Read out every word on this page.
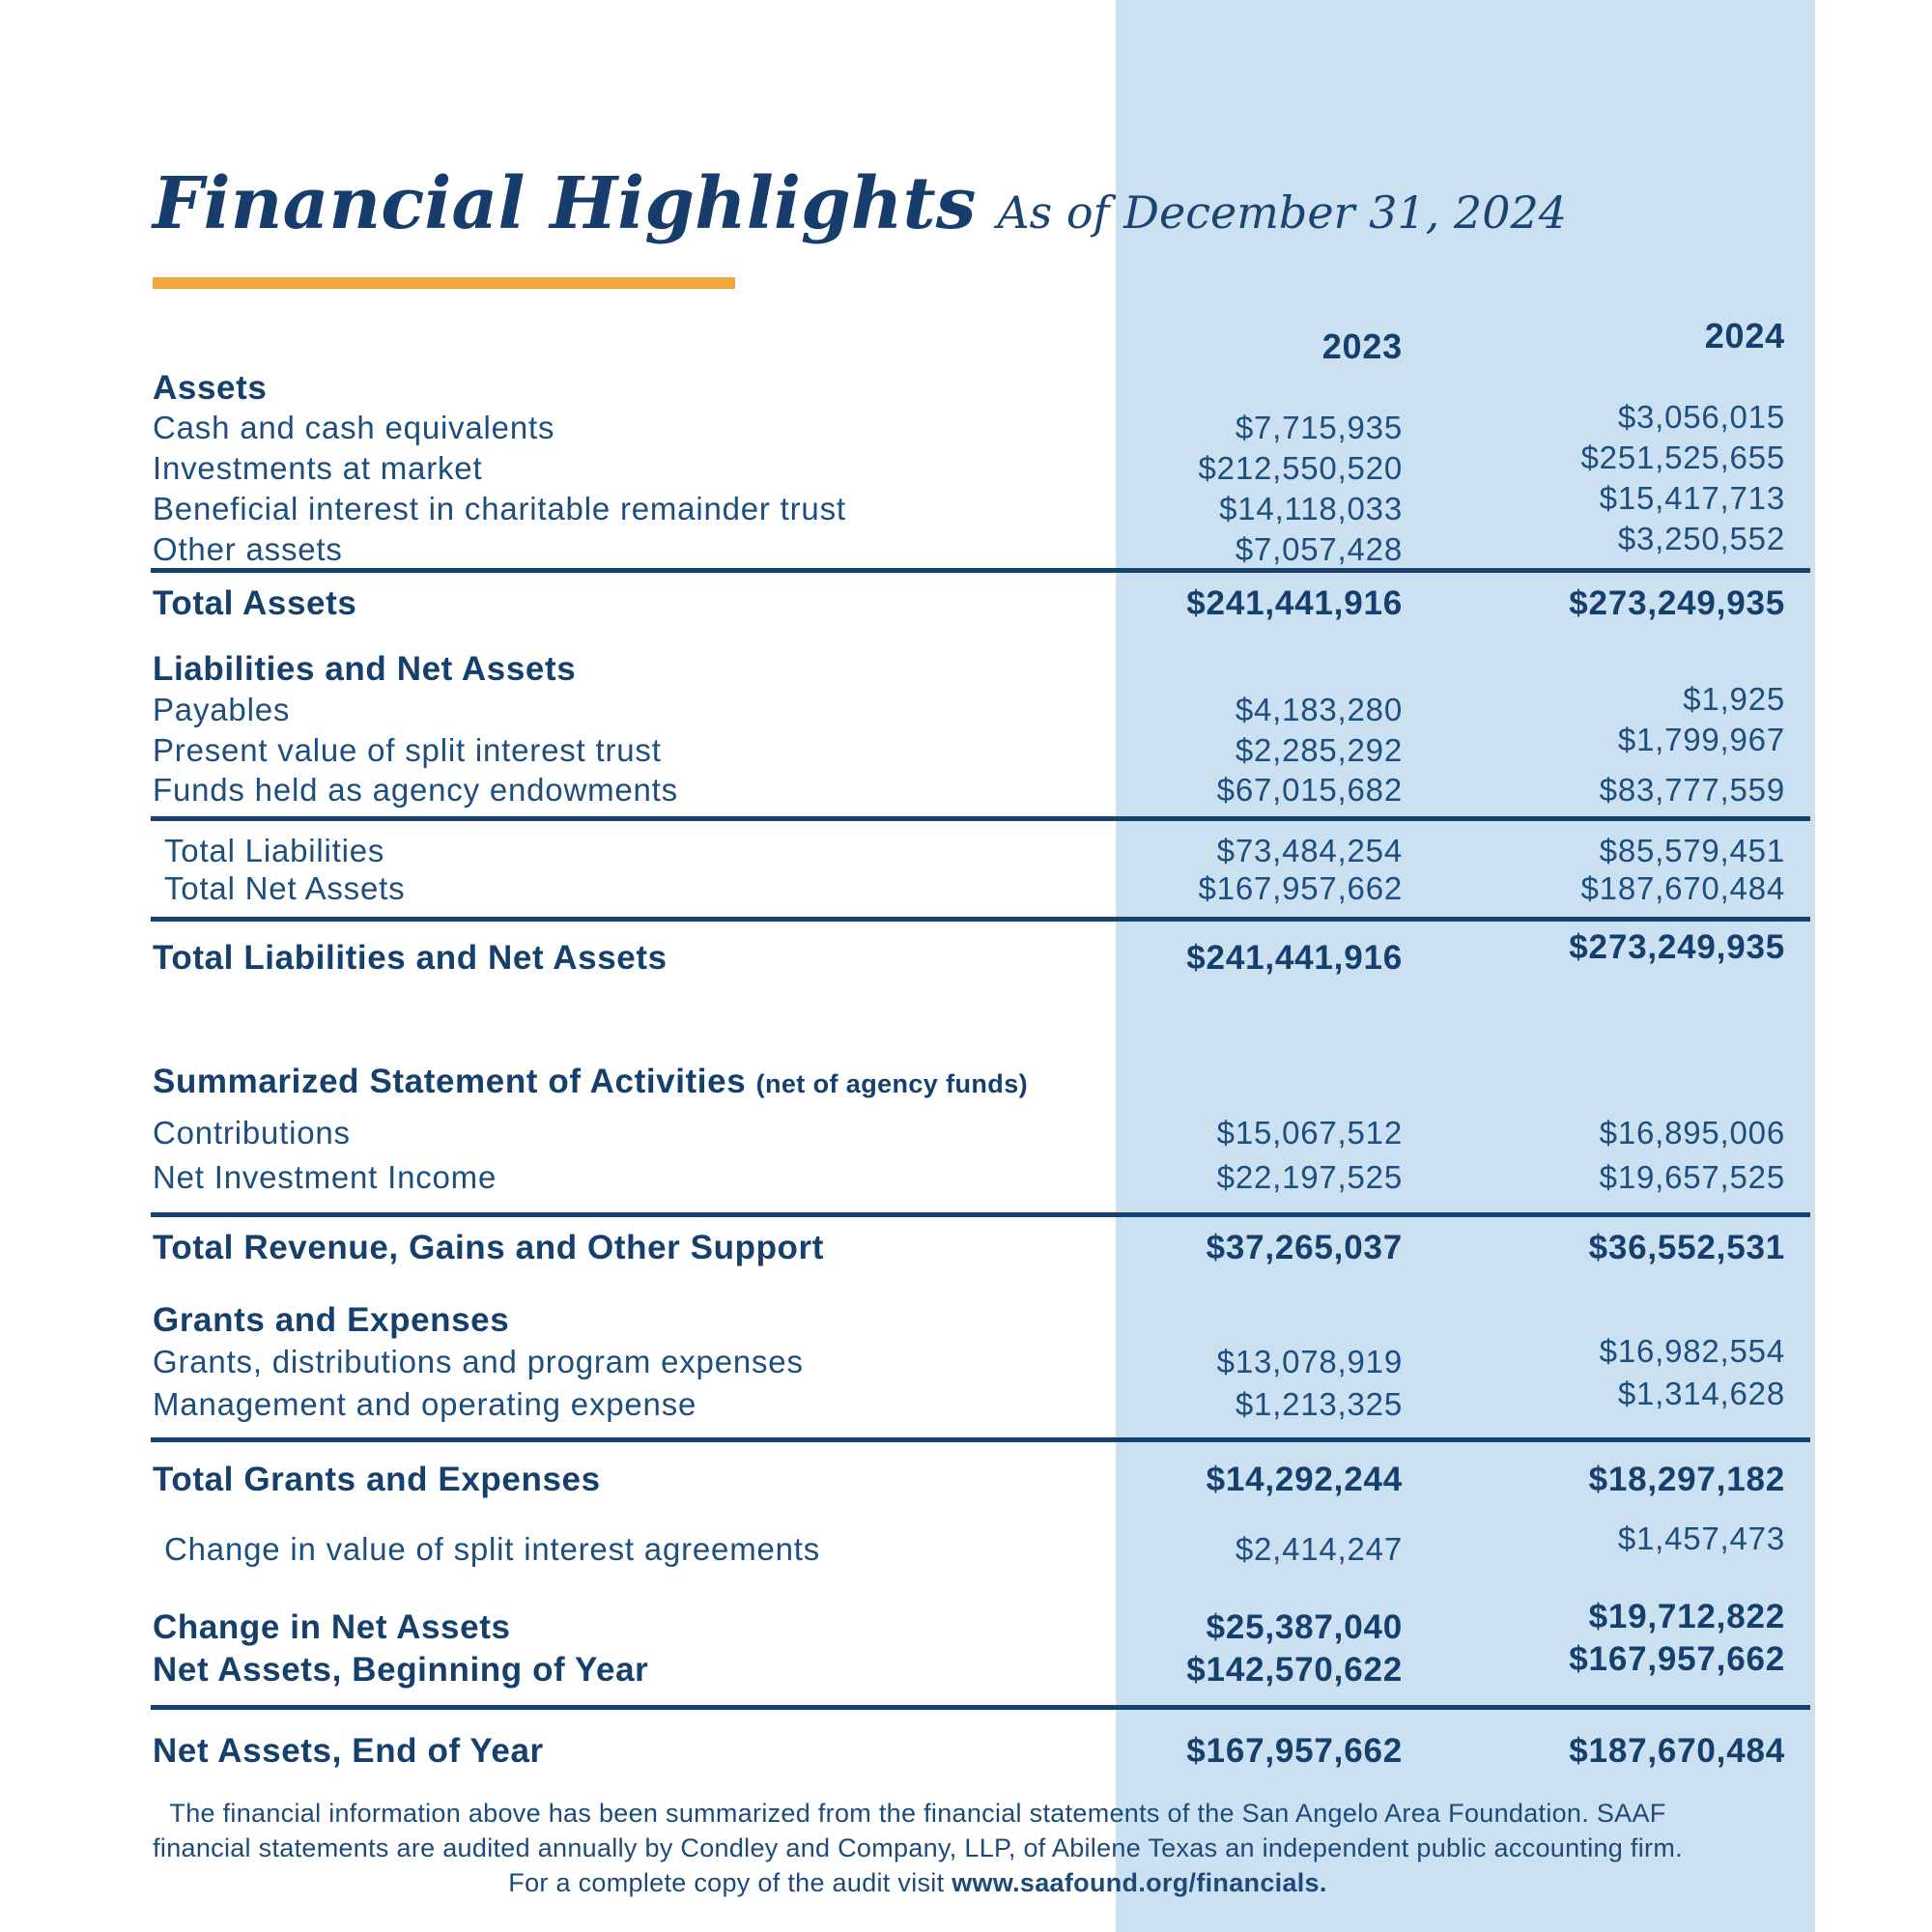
Financial Highlights As of December 31, 2024
2023	2024
Assets
Cash and cash equivalents	$7,715,935	$3,056,015
Investments at market	$212,550,520	$251,525,655
Beneficial interest in charitable remainder trust	$14,118,033	$15,417,713
Other assets	$7,057,428	$3,250,552
Total Assets	$241,441,916	$273,249,935
Liabilities and Net Assets
Payables	$4,183,280	$1,925
Present value of split interest trust	$2,285,292	$1,799,967
Funds held as agency endowments	$67,015,682	$83,777,559
Total Liabilities	$73,484,254	$85,579,451
Total Net Assets	$167,957,662	$187,670,484
Total Liabilities and Net Assets	$241,441,916	$273,249,935
Summarized Statement of Activities (net of agency funds)
Contributions	$15,067,512	$16,895,006
Net Investment Income	$22,197,525	$19,657,525
Total Revenue, Gains and Other Support	$37,265,037	$36,552,531
Grants and Expenses
Grants, distributions and program expenses	$13,078,919	$16,982,554
Management and operating expense	$1,213,325	$1,314,628
Total Grants and Expenses	$14,292,244	$18,297,182
Change in value of split interest agreements	$2,414,247	$1,457,473
Change in Net Assets	$25,387,040	$19,712,822
Net Assets, Beginning of Year	$142,570,622	$167,957,662
Net Assets, End of Year	$167,957,662	$187,670,484
The financial information above has been summarized from the financial statements of the San Angelo Area Foundation. SAAF
financial statements are audited annually by Condley and Company, LLP, of Abilene Texas an independent public accounting firm.
For a complete copy of the audit visit www.saafound.org/financials.
